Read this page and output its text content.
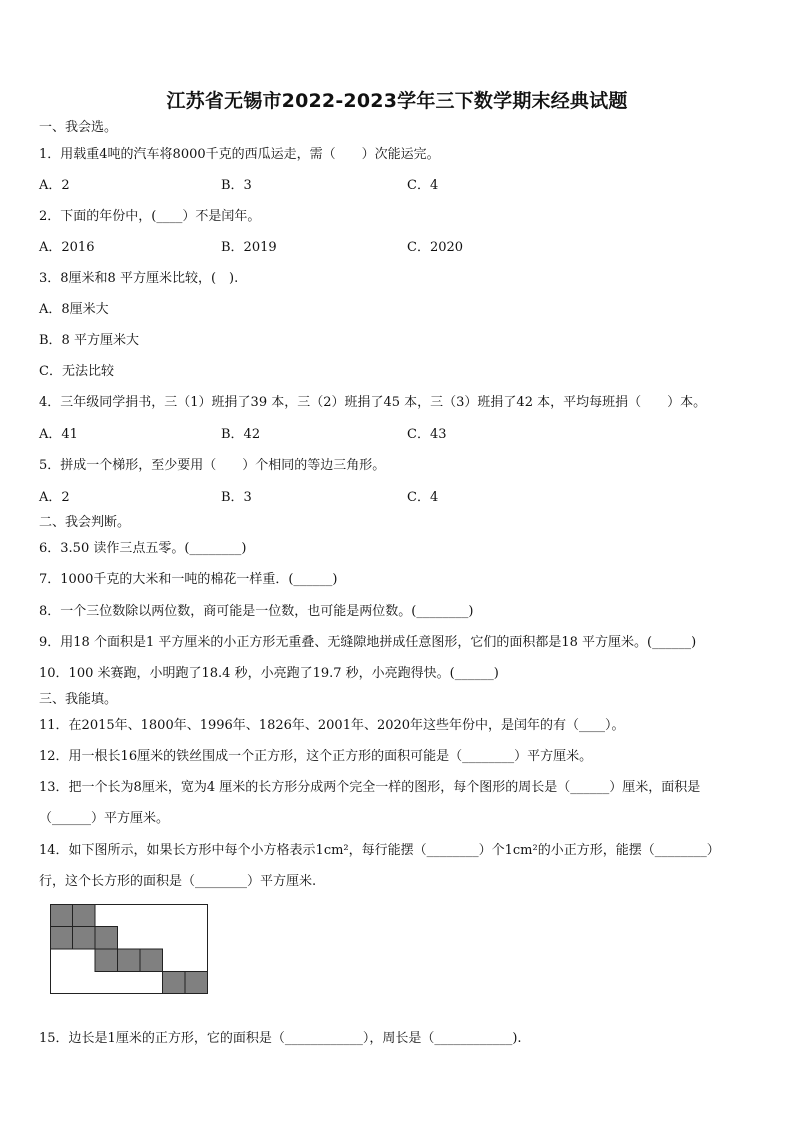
江苏省无锡市2022-2023学年三下数学期末经典试题
一、我会选。
1．用载重4吨的汽车将8000千克的西瓜运走，需（　　）次能运完。
A．2	B．3	C．4
2．下面的年份中，(____）不是闰年。
A．2016	B．2019	C．2020
3．8厘米和8 平方厘米比较，(　).
A．8厘米大
B．8 平方厘米大
C．无法比较
4．三年级同学捐书，三（1）班捐了39 本，三（2）班捐了45 本，三（3）班捐了42 本，平均每班捐（　　）本。
A．41	B．42	C．43
5．拼成一个梯形，至少要用（　　）个相同的等边三角形。
A．2	B．3	C．4
二、我会判断。
6．3.50 读作三点五零。(________)
7．1000千克的大米和一吨的棉花一样重．(______)
8．一个三位数除以两位数，商可能是一位数，也可能是两位数。(________)
9．用18 个面积是1 平方厘米的小正方形无重叠、无缝隙地拼成任意图形，它们的面积都是18 平方厘米。(______)
10．100 米赛跑，小明跑了18.4 秒，小亮跑了19.7 秒，小亮跑得快。(______)
三、我能填。
11．在2015年、1800年、1996年、1826年、2001年、2020年这些年份中，是闰年的有（____）。
12．用一根长16厘米的铁丝围成一个正方形，这个正方形的面积可能是（________）平方厘米。
13．把一个长为8厘米，宽为4 厘米的长方形分成两个完全一样的图形，每个图形的周长是（______）厘米，面积是
（______）平方厘米。
14．如下图所示，如果长方形中每个小方格表示1cm²，每行能摆（________）个1cm²的小正方形，能摆（________）
行，这个长方形的面积是（________）平方厘米.
15．边长是1厘米的正方形，它的面积是（____________），周长是（____________).
